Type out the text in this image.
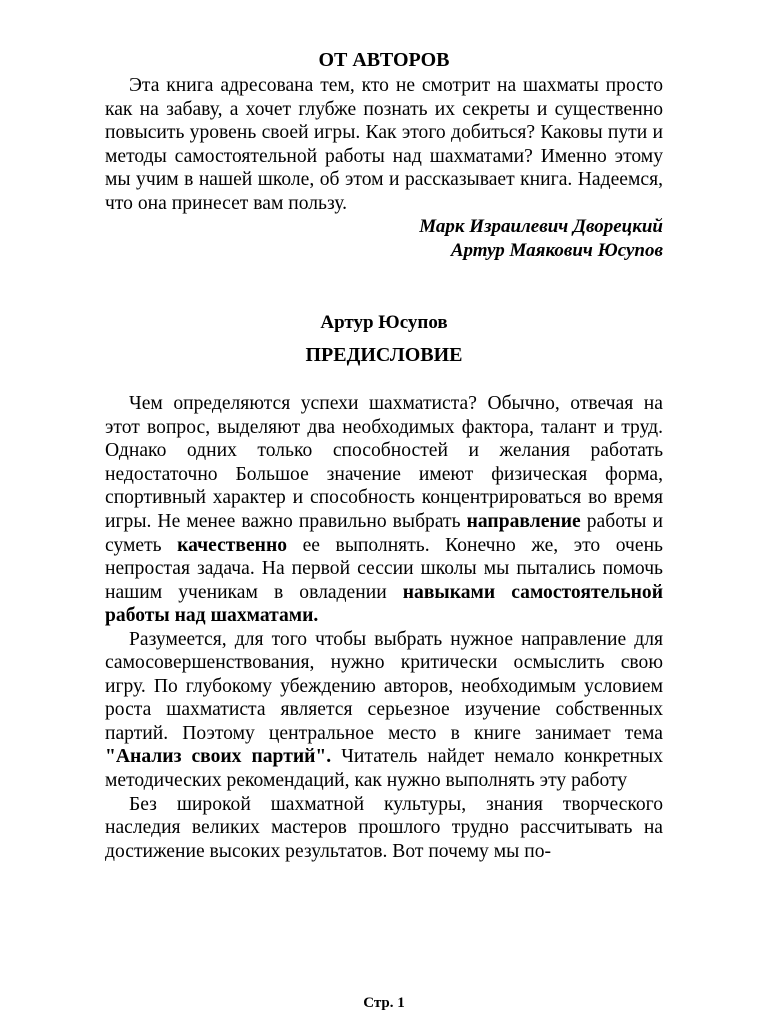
ОТ АВТОРОВ

Эта книга адресована тем, кто не смотрит на шахматы просто как на забаву, а хочет глубже познать их секреты и существенно повысить уровень своей игры. Как этого добиться? Каковы пути и методы самостоятельной работы над шахматами? Именно этому мы учим в нашей школе, об этом и рассказывает книга. Надеемся, что она принесет вам пользу.

Марк Израилевич Дворецкий

Артур Маякович Юсупов

Артур Юсупов
ПРЕДИСЛОВИЕ

Чем определяются успехи шахматиста? Обычно, отвечая на этот вопрос, выделяют два необходимых фактора, талант и труд. Однако одних только способностей и желания работать недостаточно Большое значение имеют физическая форма, спортивный характер и способность концентрироваться во время игры. Не менее важно правильно выбрать направление работы и суметь качественно ее выполнять. Конечно же, это очень непростая задача. На первой сессии школы мы пытались помочь нашим ученикам в овладении навыками самостоятельной работы над шахматами.

Разумеется, для того чтобы выбрать нужное направление для самосовершенствования, нужно критически осмыслить свою игру. По глубокому убеждению авторов, необходимым условием роста шахматиста является серьезное изучение собственных партий. Поэтому центральное место в книге занимает тема "Анализ своих партий". Читатель найдет немало конкретных методических рекомендаций, как нужно выполнять эту работу

Без широкой шахматной культуры, знания творческого наследия великих мастеров прошлого трудно рассчитывать на достижение высоких результатов. Вот почему мы по-

Стр. 1
